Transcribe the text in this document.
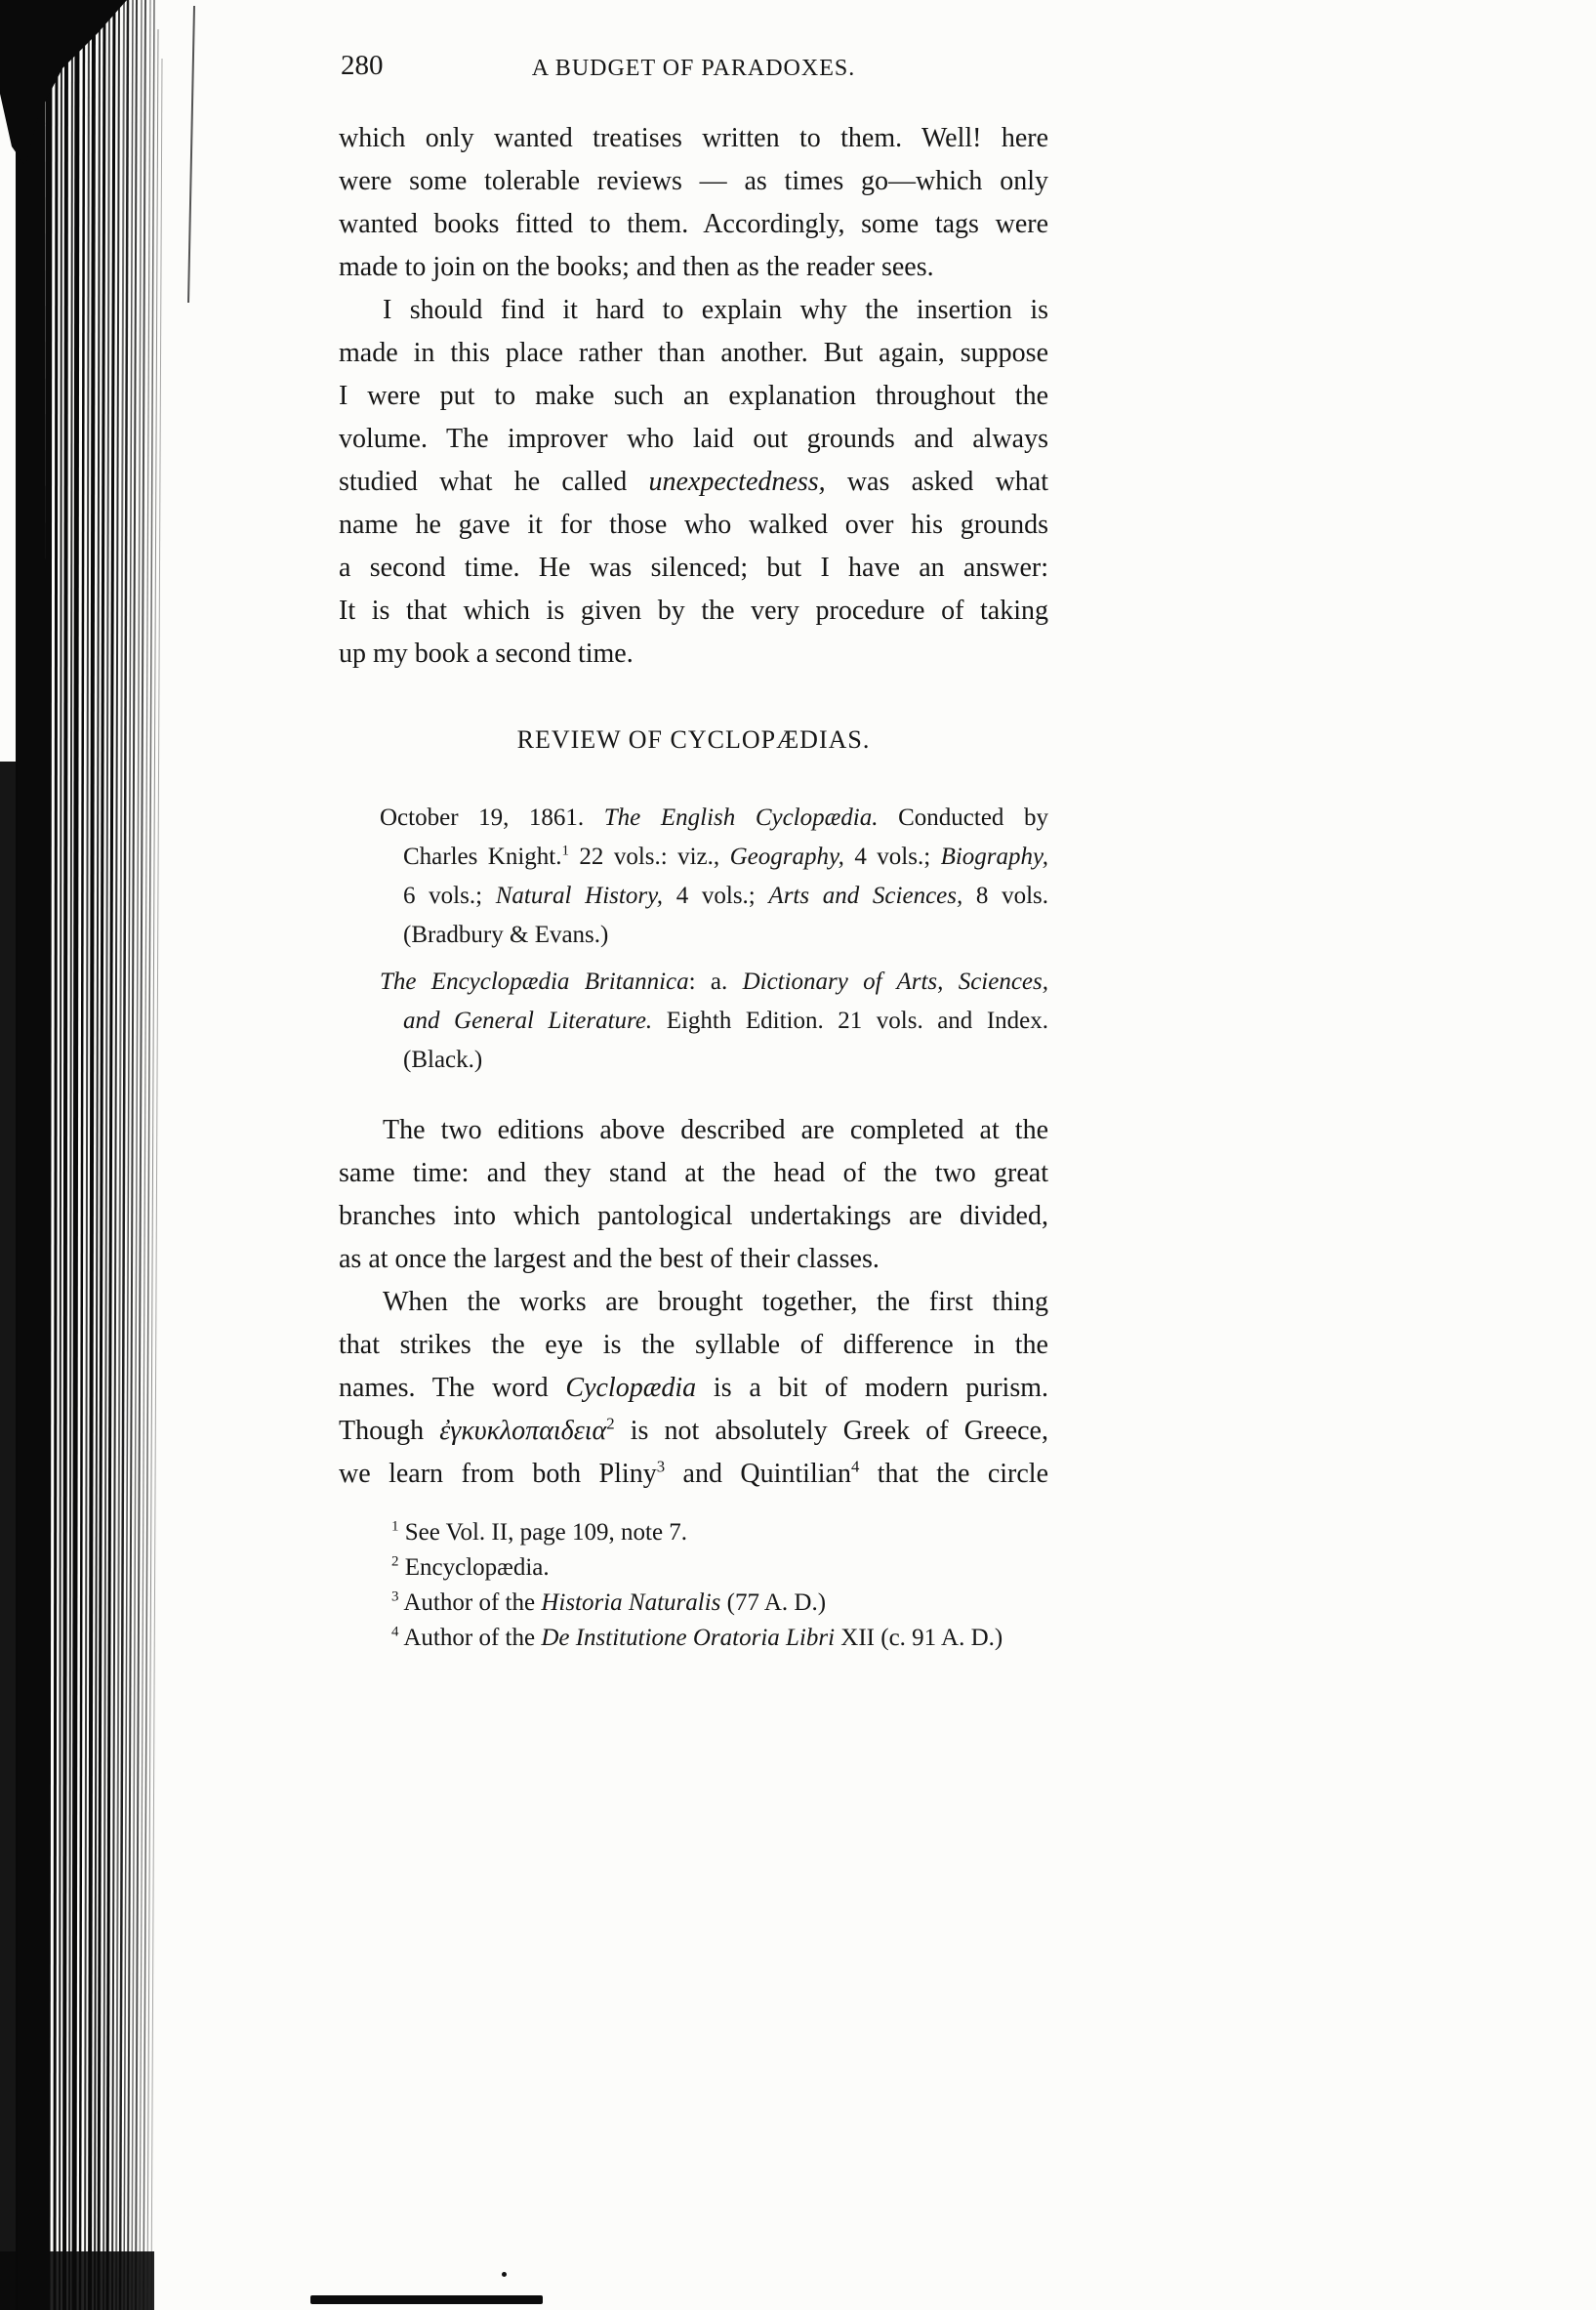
280	A BUDGET OF PARADOXES.
REVIEW OF CYCLOPÆDIAS.
which only wanted treatises written to them. Well! here
were some tolerable reviews — as times go—which only
wanted books fitted to them. Accordingly, some tags were
made to join on the books; and then as the reader sees.
I should find it hard to explain why the insertion is
made in this place rather than another. But again, suppose
I were put to make such an explanation throughout the
volume. The improver who laid out grounds and always
studied what he called unexpectedness, was asked what
name he gave it for those who walked over his grounds
a second time. He was silenced; but I have an answer:
It is that which is given by the very procedure of taking
up my book a second time.
October 19, 1861. The English Cyclopædia. Conducted by
Charles Knight.$^1$ 22 vols.: viz., Geography, 4 vols.; Biography,
6 vols.; Natural History, 4 vols.; Arts and Sciences, 8 vols.
(Bradbury & Evans.)
The Encyclopædia Britannica: a. Dictionary of Arts, Sciences,
and General Literature. Eighth Edition. 21 vols. and Index.
(Black.)
The two editions above described are completed at the
same time: and they stand at the head of the two great
branches into which pantological undertakings are divided,
as at once the largest and the best of their classes.
When the works are brought together, the first thing
that strikes the eye is the syllable of difference in the
names. The word Cyclopædia is a bit of modern purism.
Though ἐγκυκλοπαιδεια$^2$ is not absolutely Greek of Greece,
we learn from both Pliny$^3$ and Quintilian$^4$ that the circle
$^1$ See Vol. II, page 109, note 7.
$^2$ Encyclopædia.
$^3$ Author of the Historia Naturalis (77 A. D.)
$^4$ Author of the De Institutione Oratoria Libri XII (c. 91 A. D.)
